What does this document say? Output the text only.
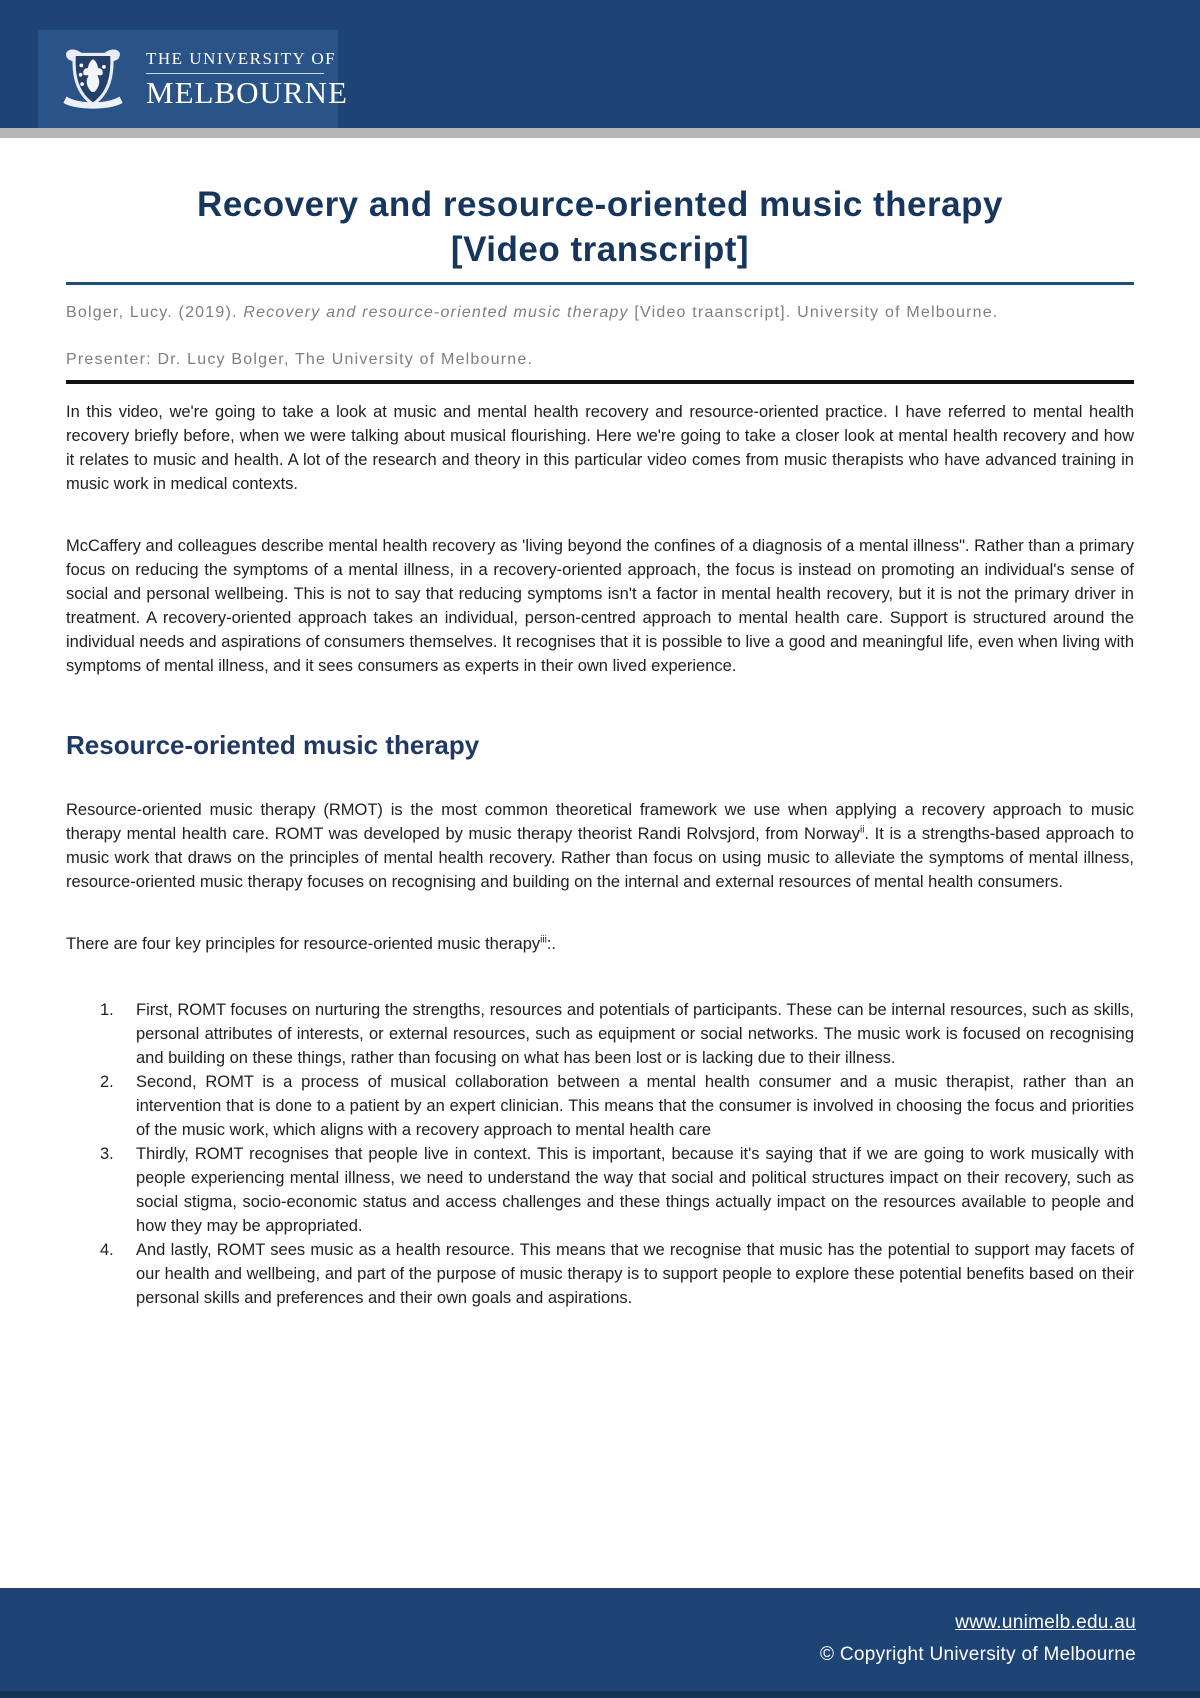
THE UNIVERSITY OF
MELBOURNE
Recovery and resource-oriented music therapy
[Video transcript]

Bolger, Lucy. (2019). Recovery and resource-oriented music therapy [Video traanscript]. University of Melbourne.

Presenter: Dr. Lucy Bolger, The University of Melbourne.

In this video, we're going to take a look at music and mental health recovery and resource-oriented practice. I have referred to mental health recovery briefly before, when we were talking about musical flourishing. Here we're going to take a closer look at mental health recovery and how it relates to music and health. A lot of the research and theory in this particular video comes from music therapists who have advanced training in music work in medical contexts.

McCaffery and colleagues describe mental health recovery as 'living beyond the confines of a diagnosis of a mental illness". Rather than a primary focus on reducing the symptoms of a mental illness, in a recovery-oriented approach, the focus is instead on promoting an individual's sense of social and personal wellbeing. This is not to say that reducing symptoms isn't a factor in mental health recovery, but it is not the primary driver in treatment. A recovery-oriented approach takes an individual, person-centred approach to mental health care. Support is structured around the individual needs and aspirations of consumers themselves. It recognises that it is possible to live a good and meaningful life, even when living with symptoms of mental illness, and it sees consumers as experts in their own lived experience.

Resource-oriented music therapy

Resource-oriented music therapy (RMOT) is the most common theoretical framework we use when applying a recovery approach to music therapy mental health care. ROMT was developed by music therapy theorist Randi Rolvsjord, from Norway$^{ii}$. It is a strengths-based approach to music work that draws on the principles of mental health recovery. Rather than focus on using music to alleviate the symptoms of mental illness, resource-oriented music therapy focuses on recognising and building on the internal and external resources of mental health consumers.

There are four key principles for resource-oriented music therapy$^{iii}$:.

1.	First, ROMT focuses on nurturing the strengths, resources and potentials of participants. These can be internal resources, such as skills, personal attributes of interests, or external resources, such as equipment or social networks. The music work is focused on recognising and building on these things, rather than focusing on what has been lost or is lacking due to their illness.
2.	Second, ROMT is a process of musical collaboration between a mental health consumer and a music therapist, rather than an intervention that is done to a patient by an expert clinician. This means that the consumer is involved in choosing the focus and priorities of the music work, which aligns with a recovery approach to mental health care
3.	Thirdly, ROMT recognises that people live in context. This is important, because it's saying that if we are going to work musically with people experiencing mental illness, we need to understand the way that social and political structures impact on their recovery, such as social stigma, socio-economic status and access challenges and these things actually impact on the resources available to people and how they may be appropriated.
4.	And lastly, ROMT sees music as a health resource. This means that we recognise that music has the potential to support may facets of our health and wellbeing, and part of the purpose of music therapy is to support people to explore these potential benefits based on their personal skills and preferences and their own goals and aspirations.
www.unimelb.edu.au
© Copyright University of Melbourne
